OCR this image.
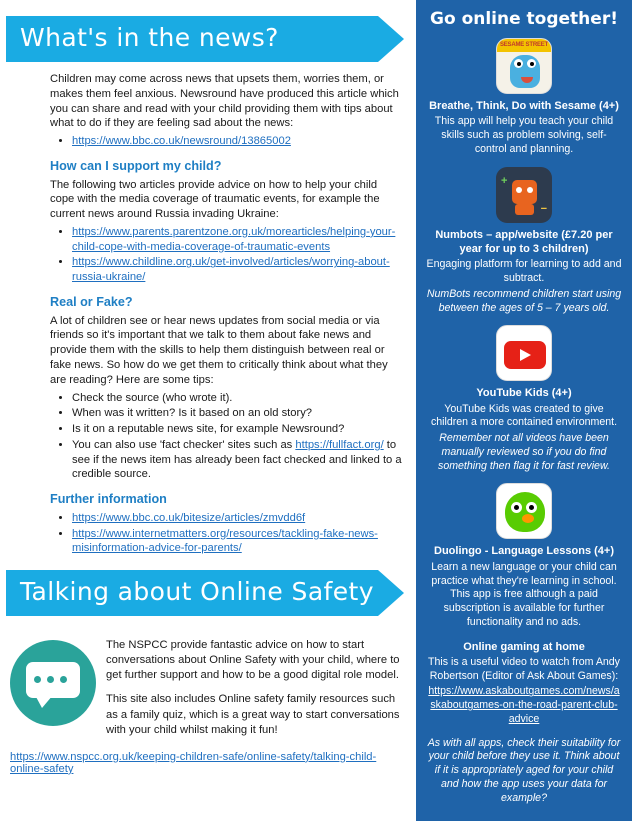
What's in the news?

Children may come across news that upsets them, worries them, or makes them feel anxious. Newsround have produced this article which you can share and read with your child providing them with tips about what to do if they are feeling sad about the news:

• https://www.bbc.co.uk/newsround/13865002
How can I support my child?

The following two articles provide advice on how to help your child cope with the media coverage of traumatic events, for example the current news around Russia invading Ukraine:

• https://www.parents.parentzone.org.uk/morearticles/helping-your-child-cope-with-media-coverage-of-traumatic-events
• https://www.childline.org.uk/get-involved/articles/worrying-about-russia-ukraine/
Real or Fake?

A lot of children see or hear news updates from social media or via friends so it's important that we talk to them about fake news and provide them with the skills to help them distinguish between real or fake news. So how do we get them to critically think about what they are reading? Here are some tips:

• Check the source (who wrote it).
• When was it written? Is it based on an old story?
• Is it on a reputable news site, for example Newsround?
• You can also use 'fact checker' sites such as https://fullfact.org/ to see if the news item has already been fact checked and linked to a credible source.
Further information
• https://www.bbc.co.uk/bitesize/articles/zmvdd6f
• https://www.internetmatters.org/resources/tackling-fake-news-misinformation-advice-for-parents/
Talking about Online Safety

The NSPCC provide fantastic advice on how to start conversations about Online Safety with your child, where to get further support and how to be a good digital role model.

This site also includes Online safety family resources such as a family quiz, which is a great way to start conversations with your child whilst making it fun!

https://www.nspcc.org.uk/keeping-children-safe/online-safety/talking-child-online-safety
Go online together!
SESAME STREET
Breathe, Think, Do with Sesame (4+)
This app will help you teach your child skills such as problem solving, self-control and planning.
+
−
Numbots – app/website (£7.20 per year for up to 3 children)
Engaging platform for learning to add and subtract.
NumBots recommend children start using between the ages of 5 – 7 years old.
YouTube Kids (4+)
YouTube Kids was created to give children a more contained environment.
Remember not all videos have been manually reviewed so if you do find something then flag it for fast review.
Duolingo - Language Lessons (4+)
Learn a new language or your child can practice what they're learning in school. This app is free although a paid subscription is available for further functionality and no ads.
Online gaming at home
This is a useful video to watch from Andy Robertson (Editor of Ask About Games):
https://www.askaboutgames.com/news/askaboutgames-on-the-road-parent-club-advice
As with all apps, check their suitability for your child before they use it. Think about if it is appropriately aged for your child and how the app uses your data for example?
